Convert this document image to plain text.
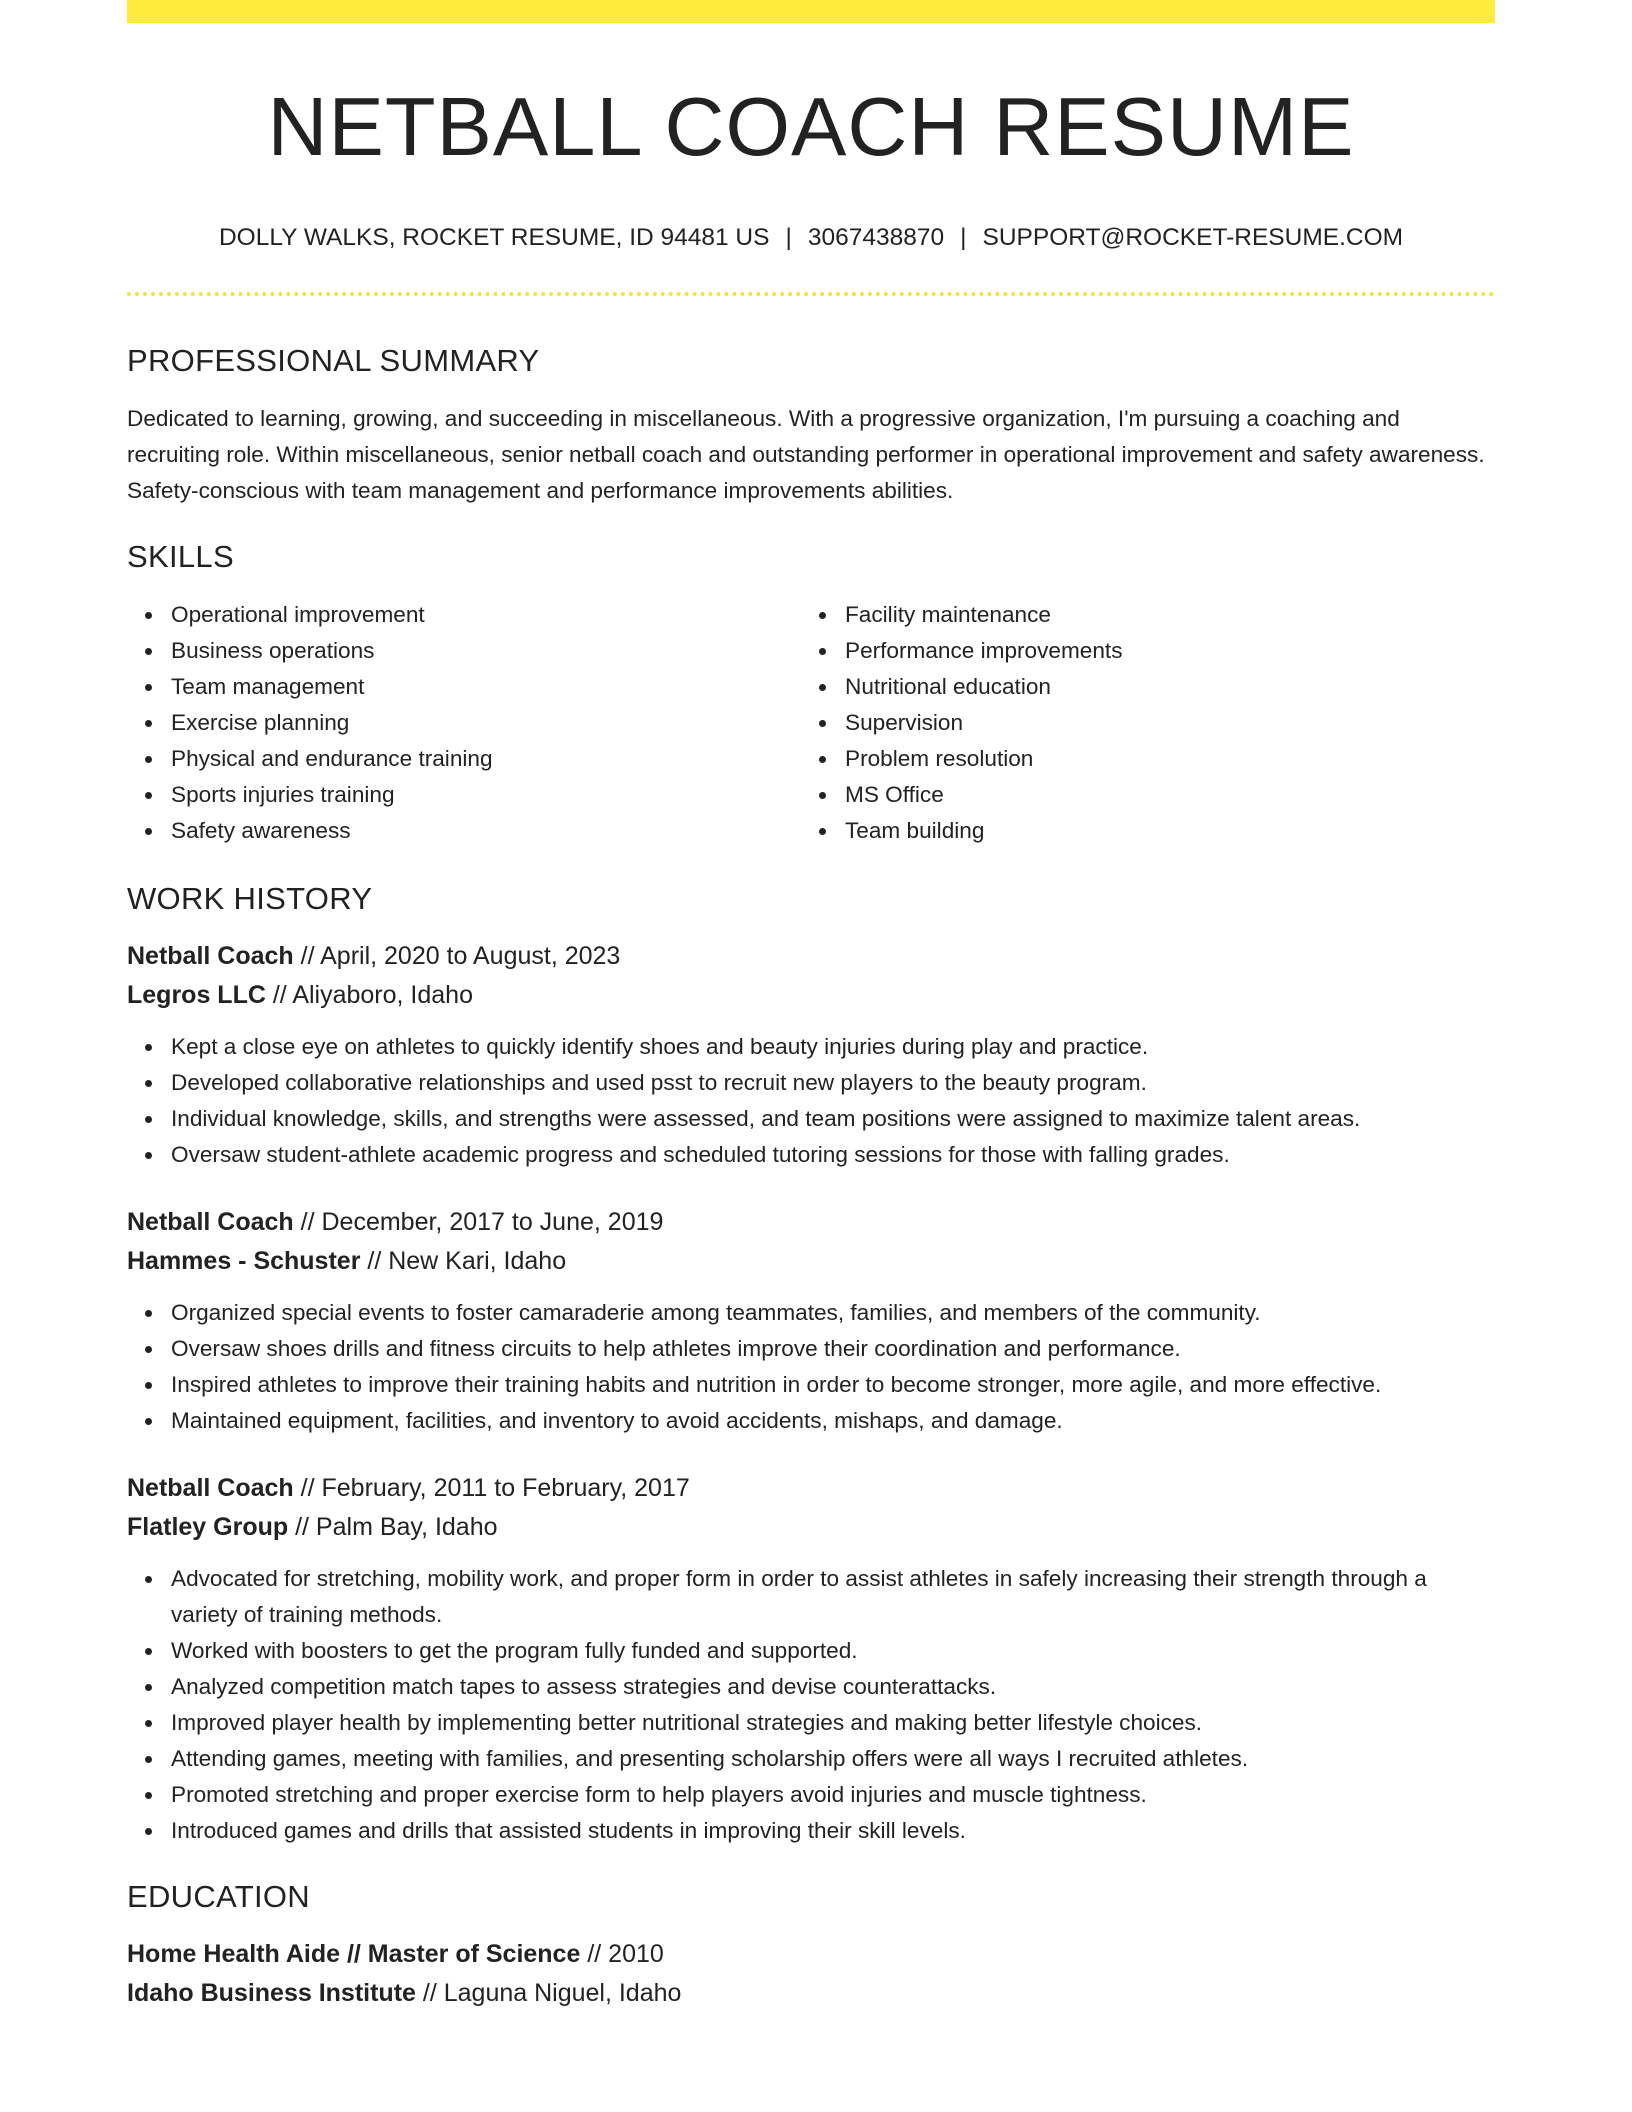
NETBALL COACH RESUME
DOLLY WALKS, ROCKET RESUME, ID 94481 US | 3067438870 | SUPPORT@ROCKET-RESUME.COM
PROFESSIONAL SUMMARY

Dedicated to learning, growing, and succeeding in miscellaneous. With a progressive organization, I'm pursuing a coaching and recruiting role. Within miscellaneous, senior netball coach and outstanding performer in operational improvement and safety awareness. Safety-conscious with team management and performance improvements abilities.

SKILLS
Operational improvement
Business operations
Team management
Exercise planning
Physical and endurance training
Sports injuries training
Safety awareness
Facility maintenance
Performance improvements
Nutritional education
Supervision
Problem resolution
MS Office
Team building
WORK HISTORY
Netball Coach // April, 2020 to August, 2023
Legros LLC // Aliyaboro, Idaho
Kept a close eye on athletes to quickly identify shoes and beauty injuries during play and practice.
Developed collaborative relationships and used psst to recruit new players to the beauty program.
Individual knowledge, skills, and strengths were assessed, and team positions were assigned to maximize talent areas.
Oversaw student-athlete academic progress and scheduled tutoring sessions for those with falling grades.
Netball Coach // December, 2017 to June, 2019
Hammes - Schuster // New Kari, Idaho
Organized special events to foster camaraderie among teammates, families, and members of the community.
Oversaw shoes drills and fitness circuits to help athletes improve their coordination and performance.
Inspired athletes to improve their training habits and nutrition in order to become stronger, more agile, and more effective.
Maintained equipment, facilities, and inventory to avoid accidents, mishaps, and damage.
Netball Coach // February, 2011 to February, 2017
Flatley Group // Palm Bay, Idaho
Advocated for stretching, mobility work, and proper form in order to assist athletes in safely increasing their strength through a variety of training methods.
Worked with boosters to get the program fully funded and supported.
Analyzed competition match tapes to assess strategies and devise counterattacks.
Improved player health by implementing better nutritional strategies and making better lifestyle choices.
Attending games, meeting with families, and presenting scholarship offers were all ways I recruited athletes.
Promoted stretching and proper exercise form to help players avoid injuries and muscle tightness.
Introduced games and drills that assisted students in improving their skill levels.
EDUCATION
Home Health Aide // Master of Science // 2010
Idaho Business Institute // Laguna Niguel, Idaho
